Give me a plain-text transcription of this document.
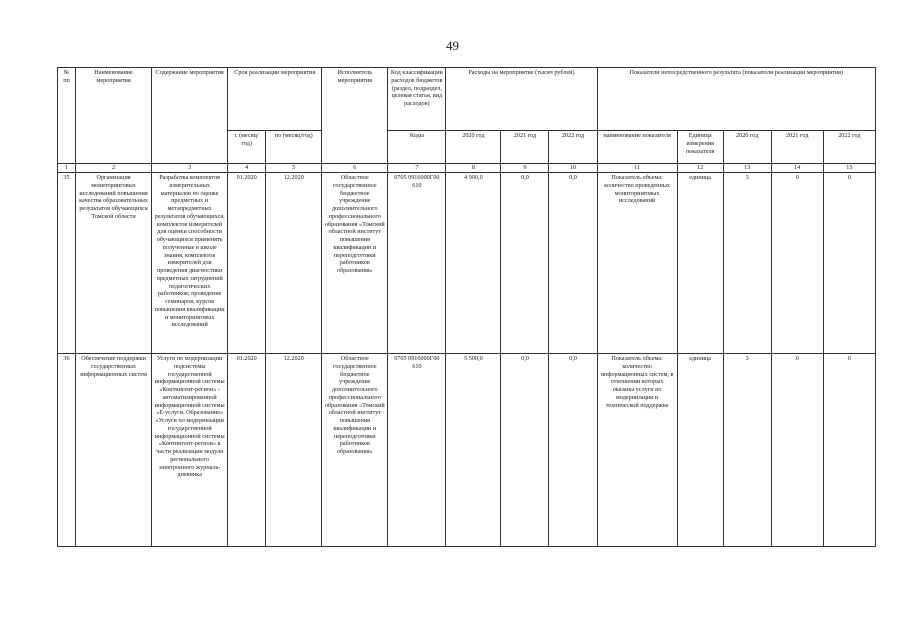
49
№ пп	Наименование мероприятия	Содержание мероприятия	Срок реализации мероприятия		Исполнитель мероприятия	Код классификации расходов бюджетов (раздел, подраздел, целевая статья, вид расходов)	Расходы на мероприятие (тысяч рублей)			Показатели непосредственного результата (показатели реализации мероприятия)				
			с (месяц/ год)	по (месяц/год)		Коды	2020 год	2021 год	2022 год	наименование показателя	Единица измерения показателя	2020 год	2021 год	2022 год
1	2	3	4	5	6	7	8	9	10	11	12	13	14	15
35	Организация мониторинговых исследований повышения качества образовательных результатов обучающихся Томской области	Разработка комплектов измерительных материалов по оценке предметных и метапредметных результатов обучающихся, комплектов измерителей для оценки способности обучающихся применять полученные в школе знания, комплектов измерителей для проведения диагностики предметных затруднений педагогических работников; проведение семинаров, курсов повышения квалификации и мониторинговых исследований	01.2020	12.2020	Областное государственное бюджетное учреждение дополнительного профессионального образования «Томский областной институт повышения квалификации и переподготовки работников образования»	0705 0916000Г00 610	4 900,0	0,0	0,0	Показатель объема: количество проведенных мониторинговых исследований	единица	3	0	0
36	Обеспечение поддержки государственных информационных систем	Услуги по модернизации подсистемы государственной информационной системы «Контингент-регион» - автоматизированной информационной системы «Е-услуги. Образование» «Услуги по модернизации государственной информационной системы «Контингент-регион» в части реализации модуля регионального электронного журнала-дневника	01.2020	12.2020	Областное государственное бюджетное учреждение дополнительного профессионального образования «Томский областной институт повышения квалификации и переподготовки работников образования»	0705 0916000Г00 610	5 500,0	0,0	0,0	Показатель объема: количество информационных систем, в отношении которых оказаны услуги по модернизации и технической поддержке	единица	3	0	0
